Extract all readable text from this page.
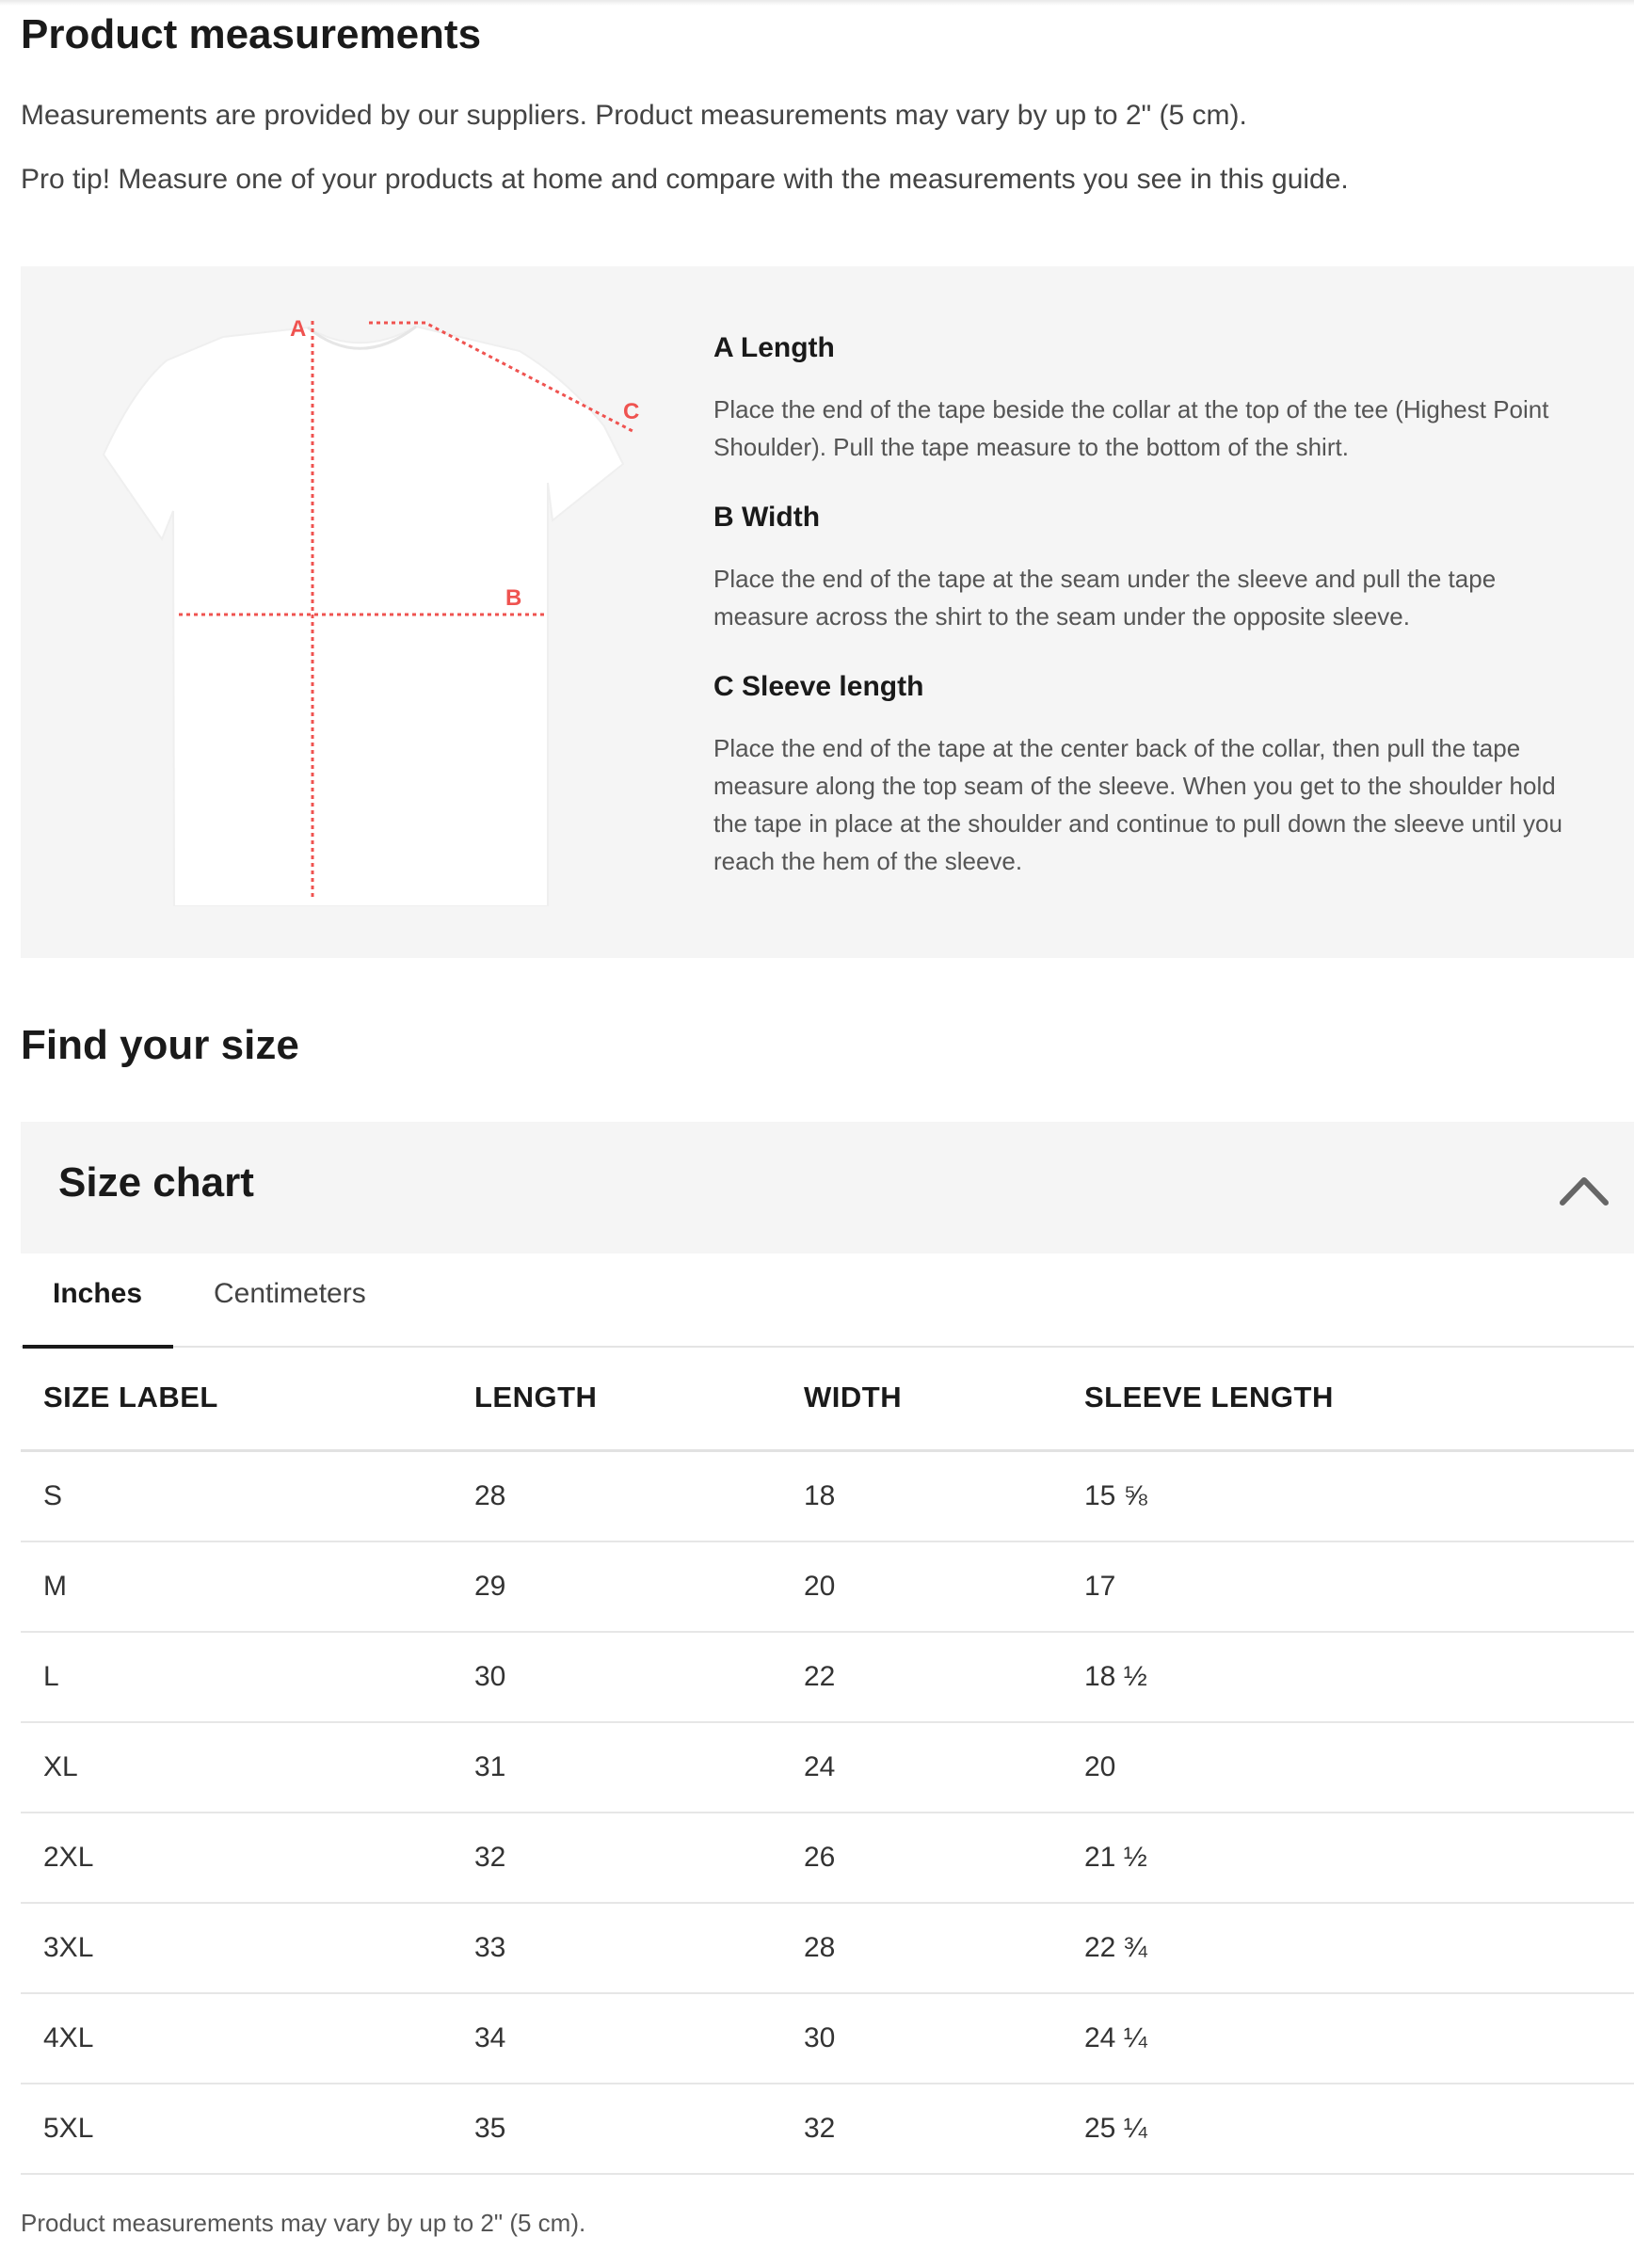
Product measurements

Measurements are provided by our suppliers. Product measurements may vary by up to 2" (5 cm).

Pro tip! Measure one of your products at home and compare with the measurements you see in this guide.

A
B
C
A Length

Place the end of the tape beside the collar at the top of the tee (Highest Point Shoulder). Pull the tape measure to the bottom of the shirt.

B Width

Place the end of the tape at the seam under the sleeve and pull the tape measure across the shirt to the seam under the opposite sleeve.

C Sleeve length

Place the end of the tape at the center back of the collar, then pull the tape measure along the top seam of the sleeve. When you get to the shoulder hold the tape in place at the shoulder and continue to pull down the sleeve until you reach the hem of the sleeve.

Find your size
Size chart
Inches	Centimeters
SIZE LABEL	LENGTH	WIDTH	SLEEVE LENGTH
S	28	18	15 ⅝
M	29	20	17
L	30	22	18 ½
XL	31	24	20
2XL	32	26	21 ½
3XL	33	28	22 ¾
4XL	34	30	24 ¼
5XL	35	32	25 ¼

Product measurements may vary by up to 2" (5 cm).
